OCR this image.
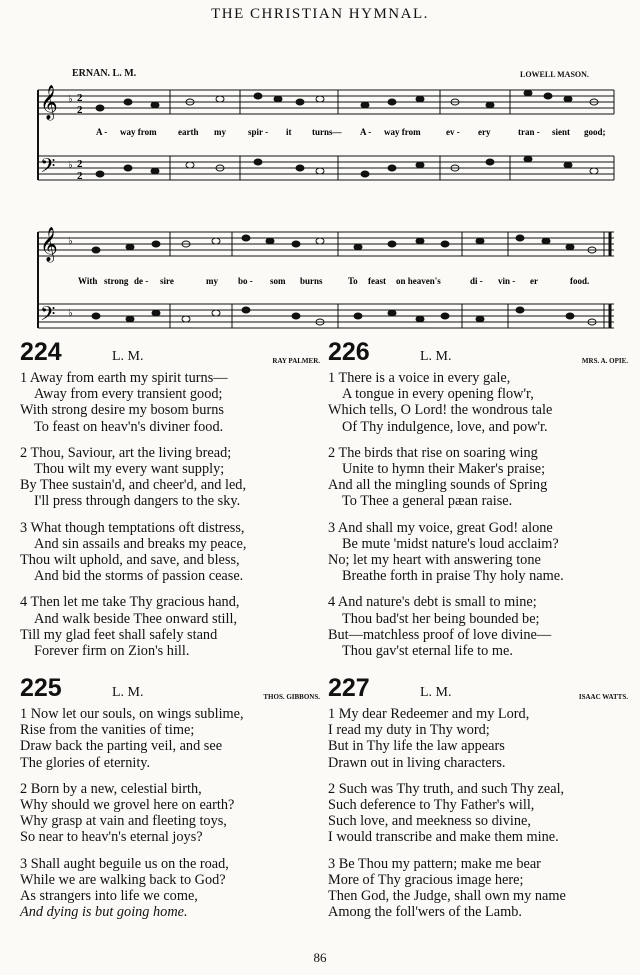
THE CHRISTIAN HYMNAL.
ERNAN. L. M.	LOWELL MASON.
𝄞
𝄢
♭
♭
2
2
2
2
A - way from earth my spir - it turns— A - way from	ev - ery	tran - sient good;
𝄞
𝄢
♭
♭
With strong de - sire	my bo - som burns	To feast on heaven's	di - vin - er	food.
224	L. M.	RAY PALMER.
1 Away from earth my spirit turns—
Away from every transient good;
With strong desire my bosom burns
To feast on heav'n's diviner food.
2 Thou, Saviour, art the living bread;
Thou wilt my every want supply;
By Thee sustain'd, and cheer'd, and led,
I'll press through dangers to the sky.
3 What though temptations oft distress,
And sin assails and breaks my peace,
Thou wilt uphold, and save, and bless,
And bid the storms of passion cease.
4 Then let me take Thy gracious hand,
And walk beside Thee onward still,
Till my glad feet shall safely stand
Forever firm on Zion's hill.
225	L. M.	THOS. GIBBONS.
1 Now let our souls, on wings sublime,
Rise from the vanities of time;
Draw back the parting veil, and see
The glories of eternity.
2 Born by a new, celestial birth,
Why should we grovel here on earth?
Why grasp at vain and fleeting toys,
So near to heav'n's eternal joys?
3 Shall aught beguile us on the road,
While we are walking back to God?
As strangers into life we come,
And dying is but going home.
226	L. M.	MRS. A. OPIE.
1 There is a voice in every gale,
A tongue in every opening flow'r,
Which tells, O Lord! the wondrous tale
Of Thy indulgence, love, and pow'r.
2 The birds that rise on soaring wing
Unite to hymn their Maker's praise;
And all the mingling sounds of Spring
To Thee a general pæan raise.
3 And shall my voice, great God! alone
Be mute 'midst nature's loud acclaim?
No; let my heart with answering tone
Breathe forth in praise Thy holy name.
4 And nature's debt is small to mine;
Thou bad'st her being bounded be;
But—matchless proof of love divine—
Thou gav'st eternal life to me.
227	L. M.	ISAAC WATTS.
1 My dear Redeemer and my Lord,
I read my duty in Thy word;
But in Thy life the law appears
Drawn out in living characters.
2 Such was Thy truth, and such Thy zeal,
Such deference to Thy Father's will,
Such love, and meekness so divine,
I would transcribe and make them mine.
3 Be Thou my pattern; make me bear
More of Thy gracious image here;
Then God, the Judge, shall own my name
Among the foll'wers of the Lamb.
86
